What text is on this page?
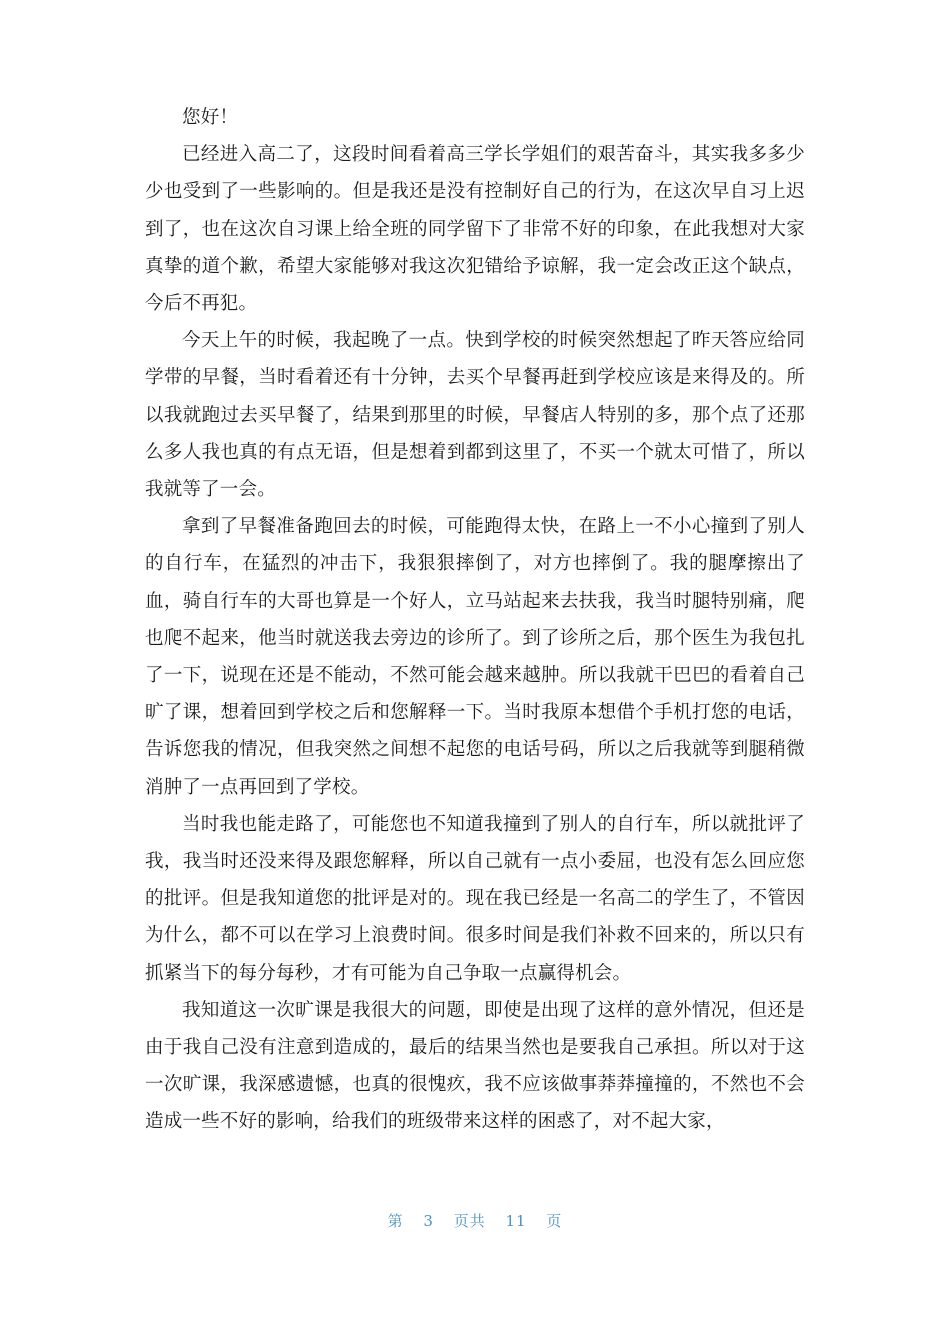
您好！

已经进入高二了，这段时间看着高三学长学姐们的艰苦奋斗，其实我多多少少也受到了一些影响的。但是我还是没有控制好自己的行为，在这次早自习上迟到了，也在这次自习课上给全班的同学留下了非常不好的印象，在此我想对大家真挚的道个歉，希望大家能够对我这次犯错给予谅解，我一定会改正这个缺点，今后不再犯。

今天上午的时候，我起晚了一点。快到学校的时候突然想起了昨天答应给同学带的早餐，当时看着还有十分钟，去买个早餐再赶到学校应该是来得及的。所以我就跑过去买早餐了，结果到那里的时候，早餐店人特别的多，那个点了还那么多人我也真的有点无语，但是想着到都到这里了，不买一个就太可惜了，所以我就等了一会。

拿到了早餐准备跑回去的时候，可能跑得太快，在路上一不小心撞到了别人的自行车，在猛烈的冲击下，我狠狠摔倒了，对方也摔倒了。我的腿摩擦出了血，骑自行车的大哥也算是一个好人，立马站起来去扶我，我当时腿特别痛，爬也爬不起来，他当时就送我去旁边的诊所了。到了诊所之后，那个医生为我包扎了一下，说现在还是不能动，不然可能会越来越肿。所以我就干巴巴的看着自己旷了课，想着回到学校之后和您解释一下。当时我原本想借个手机打您的电话，告诉您我的情况，但我突然之间想不起您的电话号码，所以之后我就等到腿稍微消肿了一点再回到了学校。

当时我也能走路了，可能您也不知道我撞到了别人的自行车，所以就批评了我，我当时还没来得及跟您解释，所以自己就有一点小委屈，也没有怎么回应您的批评。但是我知道您的批评是对的。现在我已经是一名高二的学生了，不管因为什么，都不可以在学习上浪费时间。很多时间是我们补救不回来的，所以只有抓紧当下的每分每秒，才有可能为自己争取一点赢得机会。

我知道这一次旷课是我很大的问题，即使是出现了这样的意外情况，但还是由于我自己没有注意到造成的，最后的结果当然也是要我自己承担。所以对于这一次旷课，我深感遗憾，也真的很愧疚，我不应该做事莽莽撞撞的，不然也不会造成一些不好的影响，给我们的班级带来这样的困惑了，对不起大家，

第 3 页共 11 页
